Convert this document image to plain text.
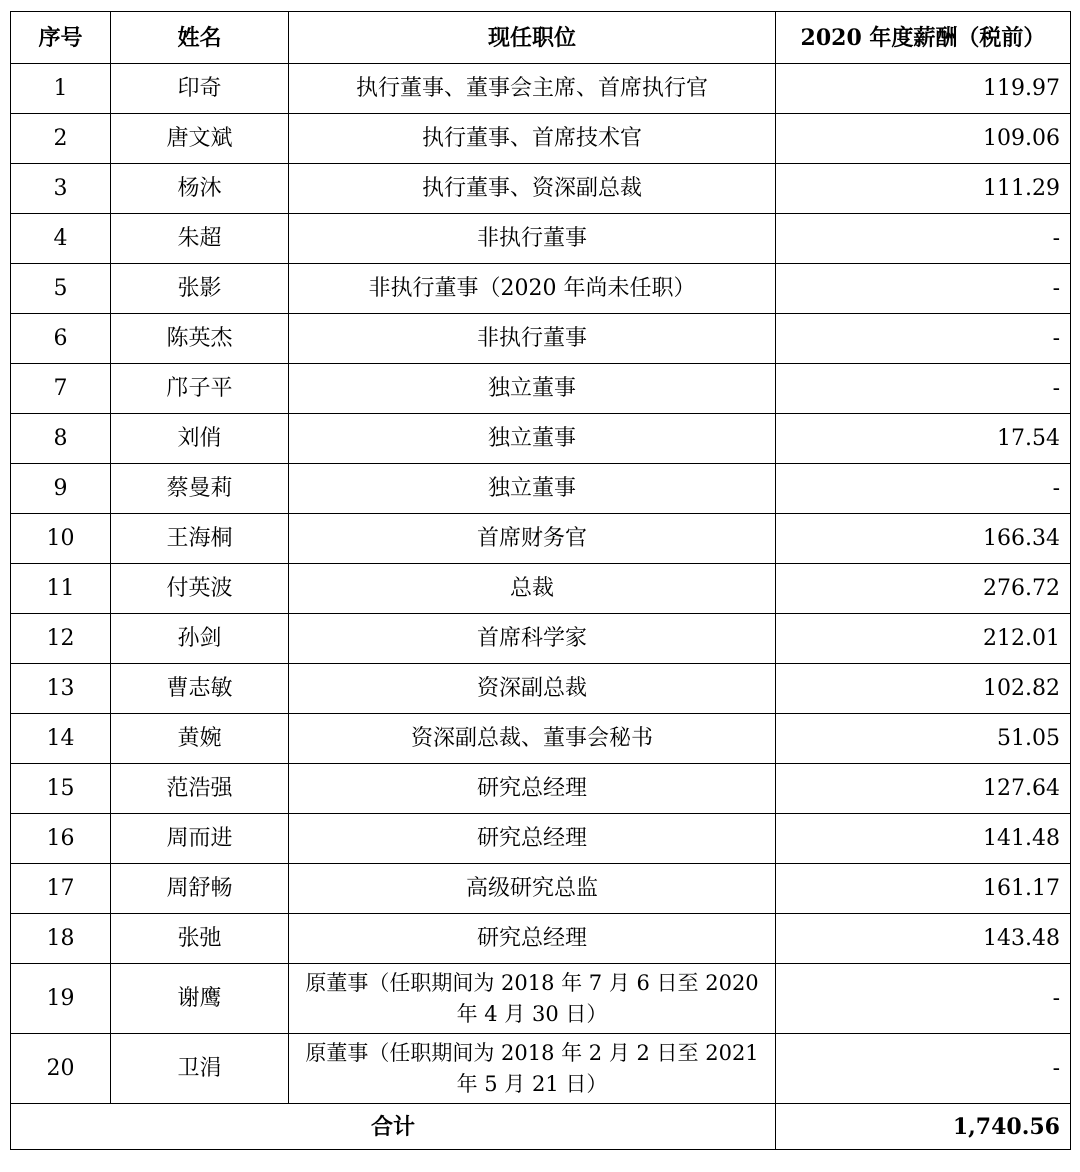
序号	姓名	现任职位	2020 年度薪酬（税前）
1	印奇	执行董事、董事会主席、首席执行官	119.97
2	唐文斌	执行董事、首席技术官	109.06
3	杨沐	执行董事、资深副总裁	111.29
4	朱超	非执行董事	-
5	张影	非执行董事（2020 年尚未任职）	-
6	陈英杰	非执行董事	-
7	邝子平	独立董事	-
8	刘俏	独立董事	17.54
9	蔡曼莉	独立董事	-
10	王海桐	首席财务官	166.34
11	付英波	总裁	276.72
12	孙剑	首席科学家	212.01
13	曹志敏	资深副总裁	102.82
14	黄婉	资深副总裁、董事会秘书	51.05
15	范浩强	研究总经理	127.64
16	周而进	研究总经理	141.48
17	周舒畅	高级研究总监	161.17
18	张弛	研究总经理	143.48
19	谢鹰	原董事（任职期间为 2018 年 7 月 6 日至 2020 年 4 月 30 日）	-
20	卫涓	原董事（任职期间为 2018 年 2 月 2 日至 2021 年 5 月 21 日）	-
合计			1,740.56
